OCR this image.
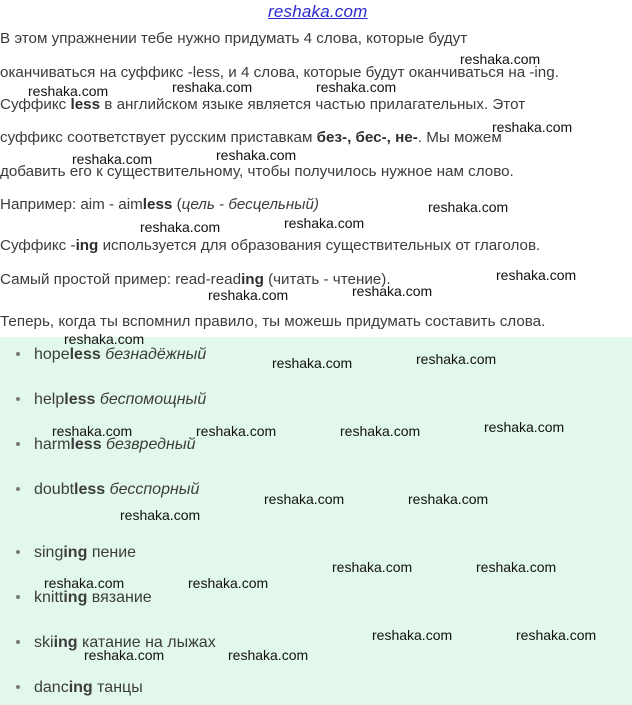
reshaka.com
В этом упражнении тебе нужно придумать 4 слова, которые будут
оканчиваться на суффикс -less, и 4 слова, которые будут оканчиваться на -ing.
Суффикс less в английском языке является частью прилагательных. Этот
суффикс соответствует русским приставкам без-, бес-, не-. Мы можем
добавить его к существительному, чтобы получилось нужное нам слово.
Например: aim - aimless (цель - бесцельный)
Суффикс -ing используется для образования существительных от глаголов.
Самый простой пример: read-reading (читать - чтение).
Теперь, когда ты вспомнил правило, ты можешь придумать составить слова.
hopeless безнадёжный
helpless беспомощный
harmless безвредный
doubtless бесспорный
singing пение
knitting вязание
skiing катание на лыжах
dancing танцы
reshaka.com
reshaka.com	reshaka.com	reshaka.com
reshaka.com
reshaka.com	reshaka.com
reshaka.com
reshaka.com	reshaka.com
reshaka.com
reshaka.com	reshaka.com
reshaka.com
reshaka.com	reshaka.com
reshaka.com	reshaka.com	reshaka.com	reshaka.com
reshaka.com	reshaka.com
reshaka.com
reshaka.com	reshaka.com
reshaka.com	reshaka.com
reshaka.com	reshaka.com
reshaka.com	reshaka.com
